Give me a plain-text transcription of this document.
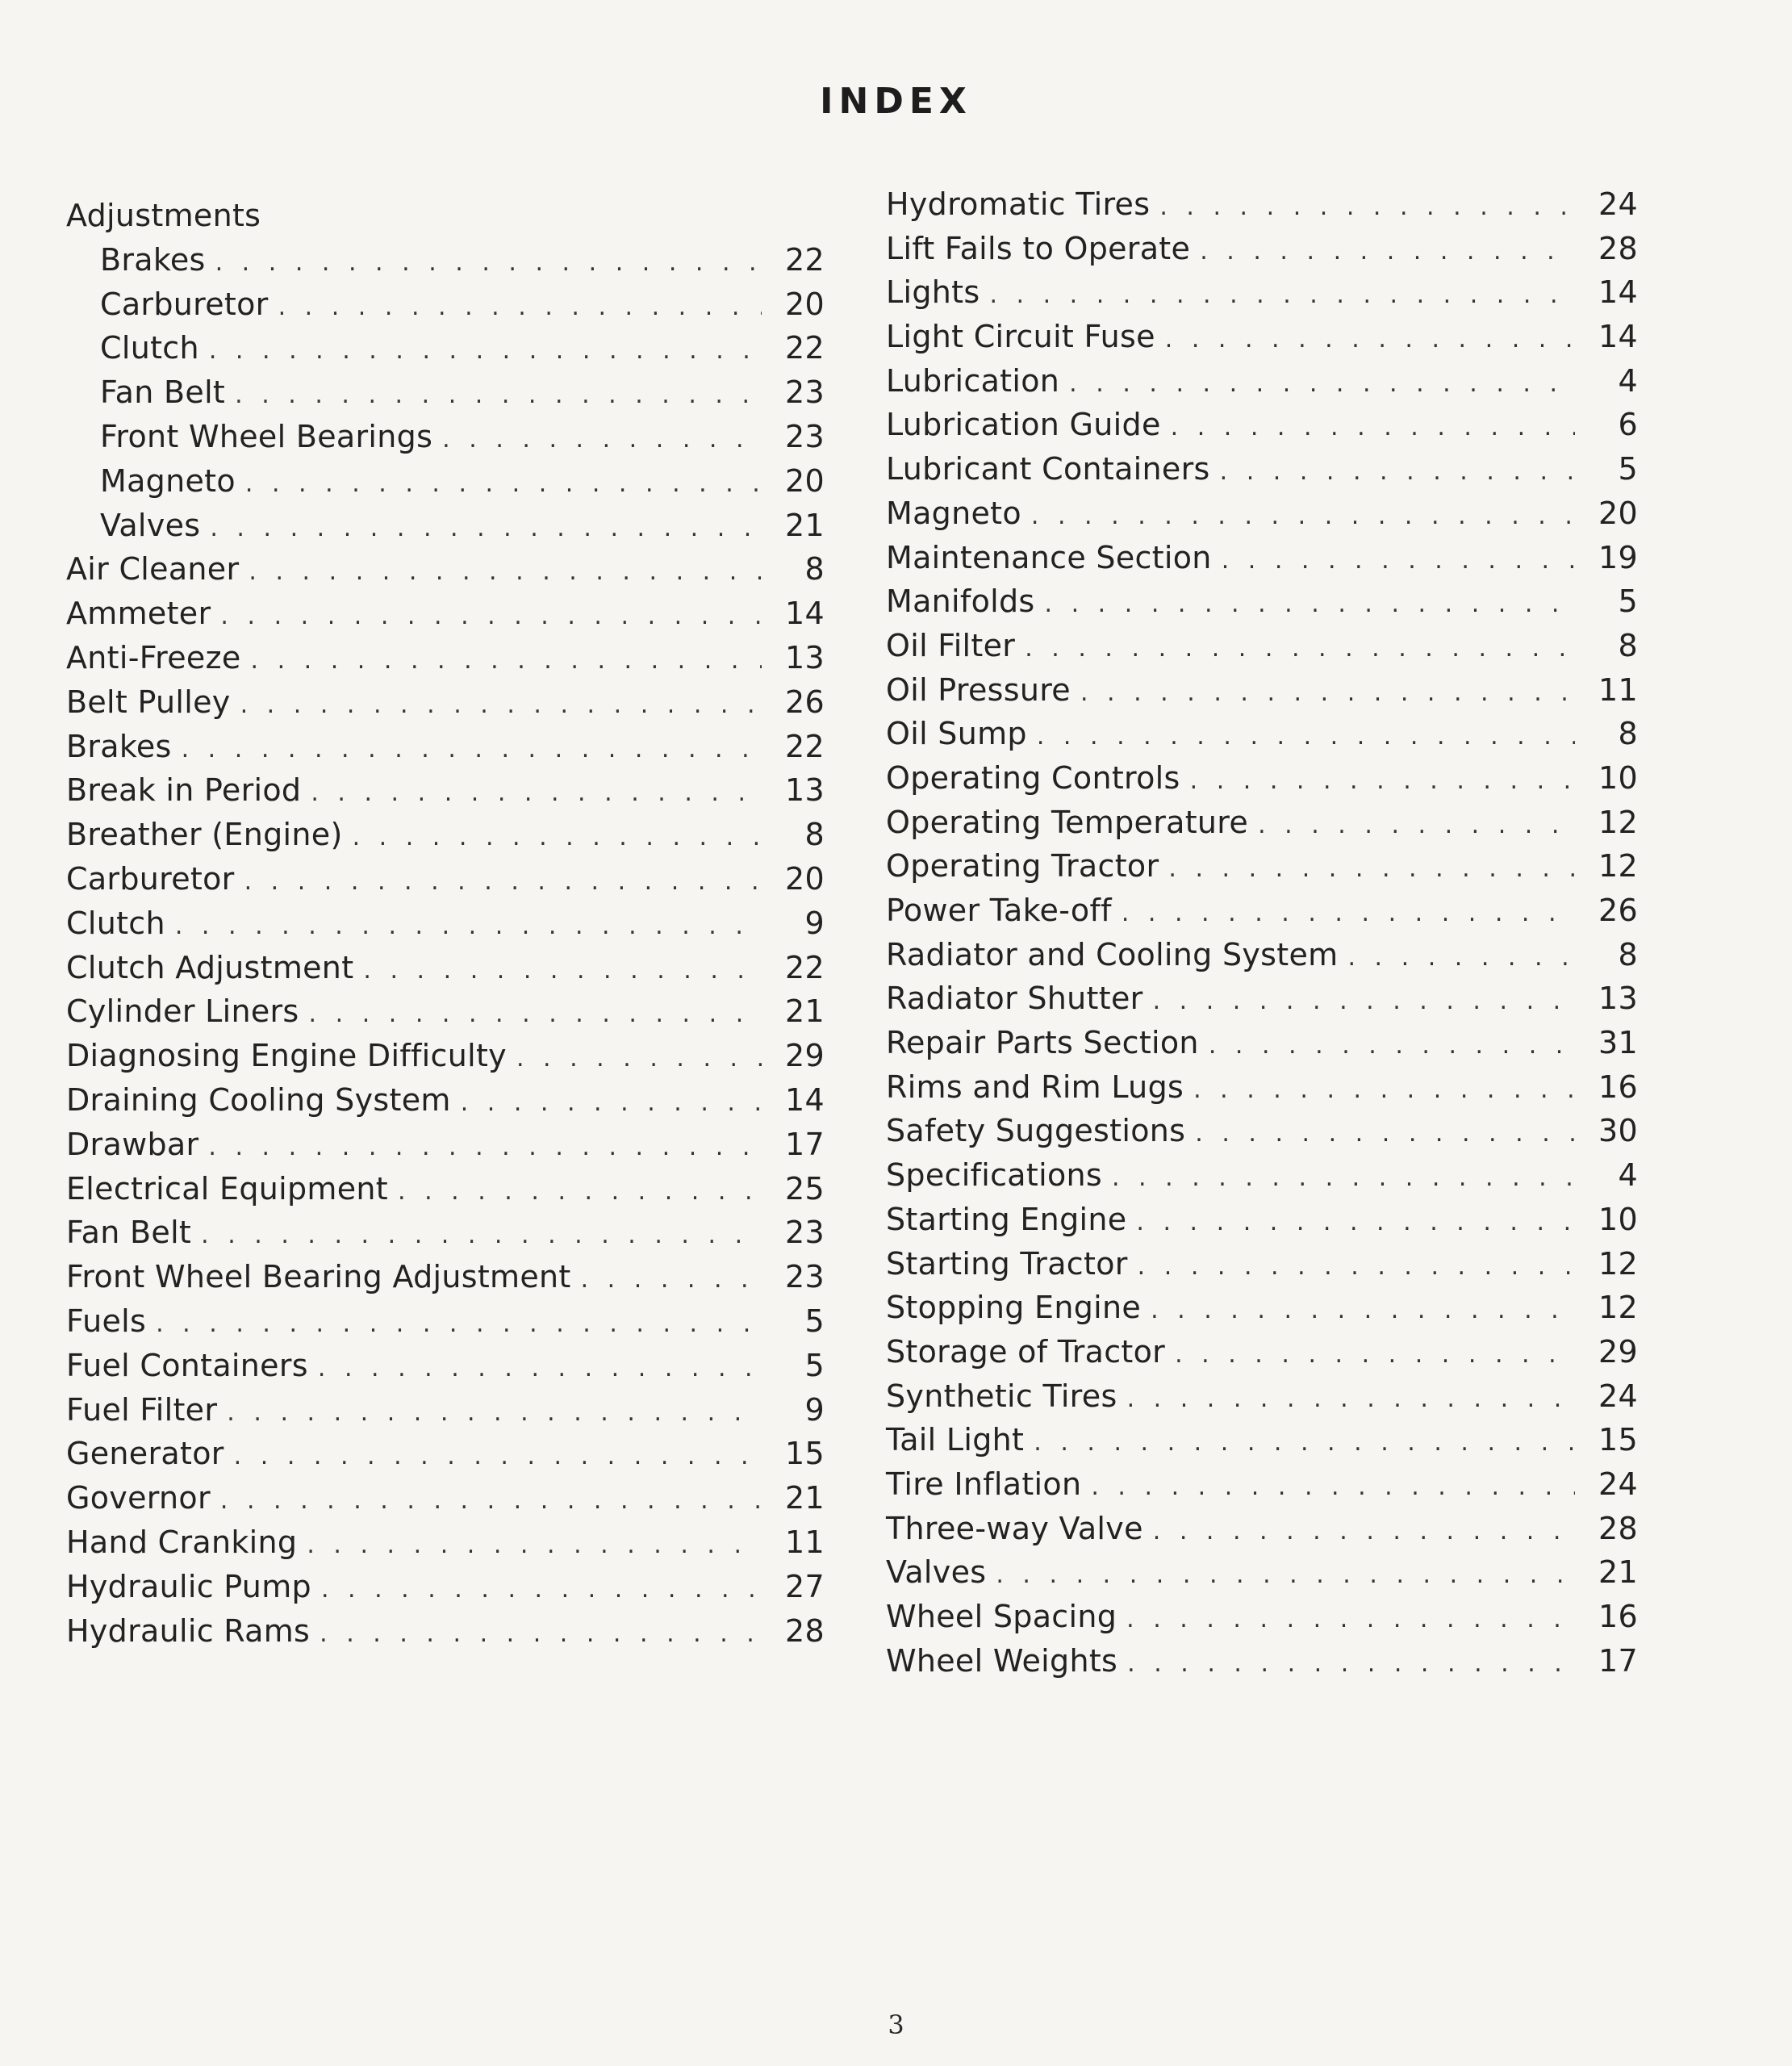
INDEX
Adjustments
Brakes . . .	22
Carburetor . . .	20
Clutch . . .	22
Fan Belt . . .	23
Front Wheel Bearings . . .	23
Magneto . . .	20
Valves . . .	21
Air Cleaner . . .	8
Ammeter . . .	14
Anti-Freeze . . .	13
Belt Pulley . . .	26
Brakes . . .	22
Break in Period . . .	13
Breather (Engine) . . .	8
Carburetor . . .	20
Clutch . . .	9
Clutch Adjustment . . .	22
Cylinder Liners . . .	21
Diagnosing Engine Difficulty . . .	29
Draining Cooling System . . .	14
Drawbar . . .	17
Electrical Equipment . . .	25
Fan Belt . . .	23
Front Wheel Bearing Adjustment . . .	23
Fuels . . .	5
Fuel Containers . . .	5
Fuel Filter . . .	9
Generator . . .	15
Governor . . .	21
Hand Cranking . . .	11
Hydraulic Pump . . .	27
Hydraulic Rams . . .	28
Hydromatic Tires . . .	24
Lift Fails to Operate . . .	28
Lights . . .	14
Light Circuit Fuse . . .	14
Lubrication . . .	4
Lubrication Guide . . .	6
Lubricant Containers . . .	5
Magneto . . .	20
Maintenance Section . . .	19
Manifolds . . .	5
Oil Filter . . .	8
Oil Pressure . . .	11
Oil Sump . . .	8
Operating Controls . . .	10
Operating Temperature . . .	12
Operating Tractor . . .	12
Power Take-off . . .	26
Radiator and Cooling System . . .	8
Radiator Shutter . . .	13
Repair Parts Section . . .	31
Rims and Rim Lugs . . .	16
Safety Suggestions . . .	30
Specifications . . .	4
Starting Engine . . .	10
Starting Tractor . . .	12
Stopping Engine . . .	12
Storage of Tractor . . .	29
Synthetic Tires . . .	24
Tail Light . . .	15
Tire Inflation . . .	24
Three-way Valve . . .	28
Valves . . .	21
Wheel Spacing . . .	16
Wheel Weights . . .	17
3
